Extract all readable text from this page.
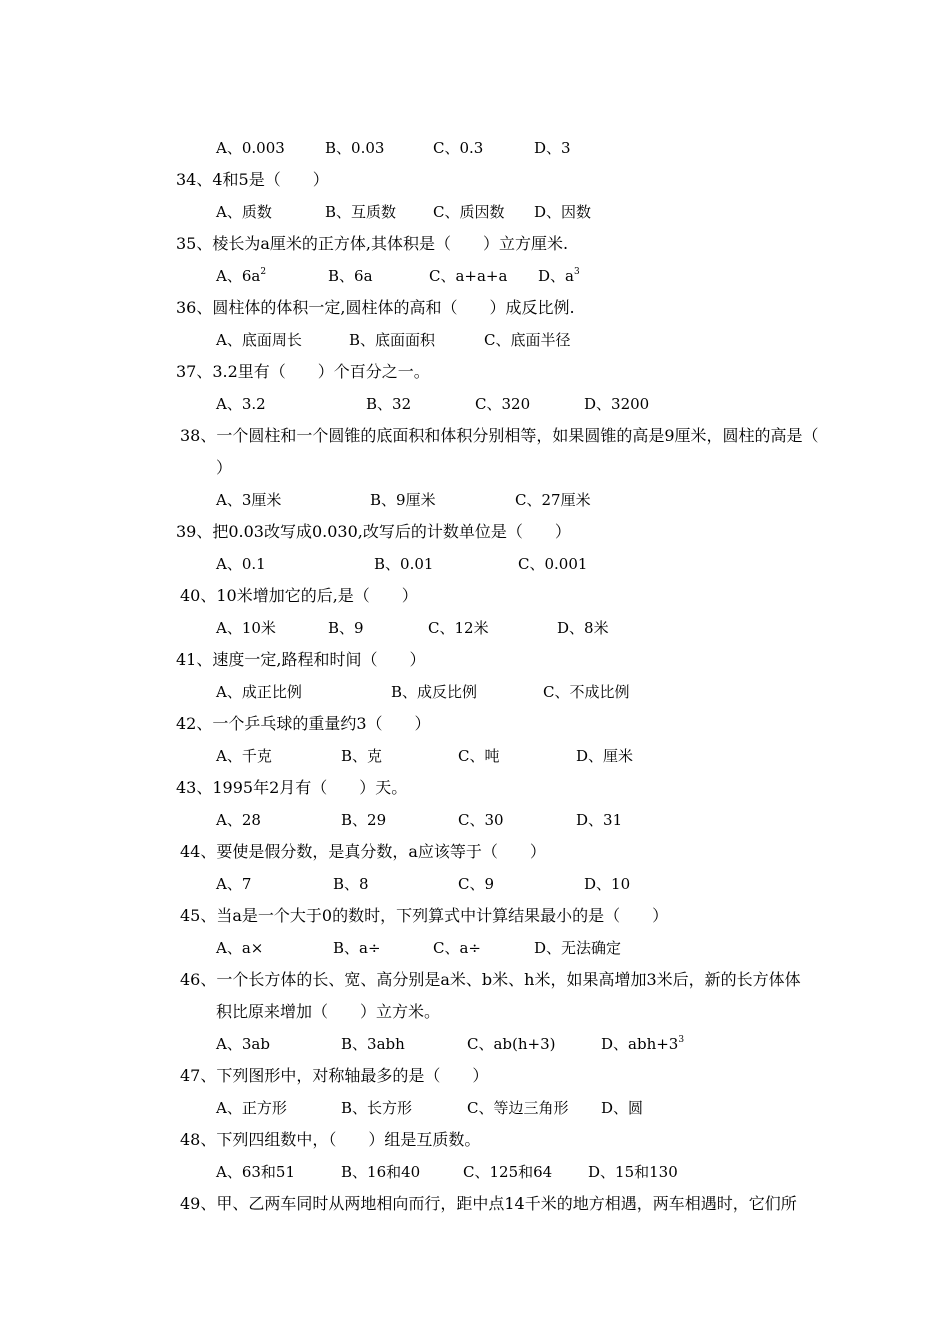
A、0.003	B、0.03	C、0.3	D、3
34、4和5是（　　）
A、质数	B、互质数 C、质因数 D、因数
35、棱长为a厘米的正方体,其体积是（　　）立方厘米.
A、$6a^2$	B、6a	C、a+a+a D、$a^3$
36、圆柱体的体积一定,圆柱体的高和（　　）成反比例.
A、底面周长	B、底面面积	C、底面半径
37、3.2里有（　　）个百分之一。
A、3.2	B、32	C、320	D、3200
38、一个圆柱和一个圆锥的底面积和体积分别相等，如果圆锥的高是9厘米，圆柱的高是（
）
A、3厘米	B、9厘米	C、27厘米
39、把0.03改写成0.030,改写后的计数单位是（　　）
A、0.1	B、0.01	C、0.001
40、10米增加它的后,是（　　）
A、10米	B、9	C、12米	D、8米
41、速度一定,路程和时间（　　）
A、成正比例	B、成反比例	C、不成比例
42、一个乒乓球的重量约3（　　）
A、千克	B、克	C、吨	D、厘米
43、1995年2月有（　　）天。
A、28	B、29	C、30	D、31
44、要使是假分数，是真分数，a应该等于（　　）
A、7	B、8	C、9	D、10
45、当a是一个大于0的数时，下列算式中计算结果最小的是（　　）
A、a×	B、a÷	C、a÷	D、无法确定
46、一个长方体的长、宽、高分别是a米、b米、h米，如果高增加3米后，新的长方体体
积比原来增加（　　）立方米。
A、3ab	B、3abh	C、ab(h+3)	D、$abh+3^3$
47、下列图形中，对称轴最多的是（　　）
A、正方形	B、长方形	C、等边三角形 D、圆
48、下列四组数中，（　　）组是互质数。
A、63和51	B、16和40	C、125和64 D、15和130
49、甲、乙两车同时从两地相向而行，距中点14千米的地方相遇，两车相遇时，它们所
